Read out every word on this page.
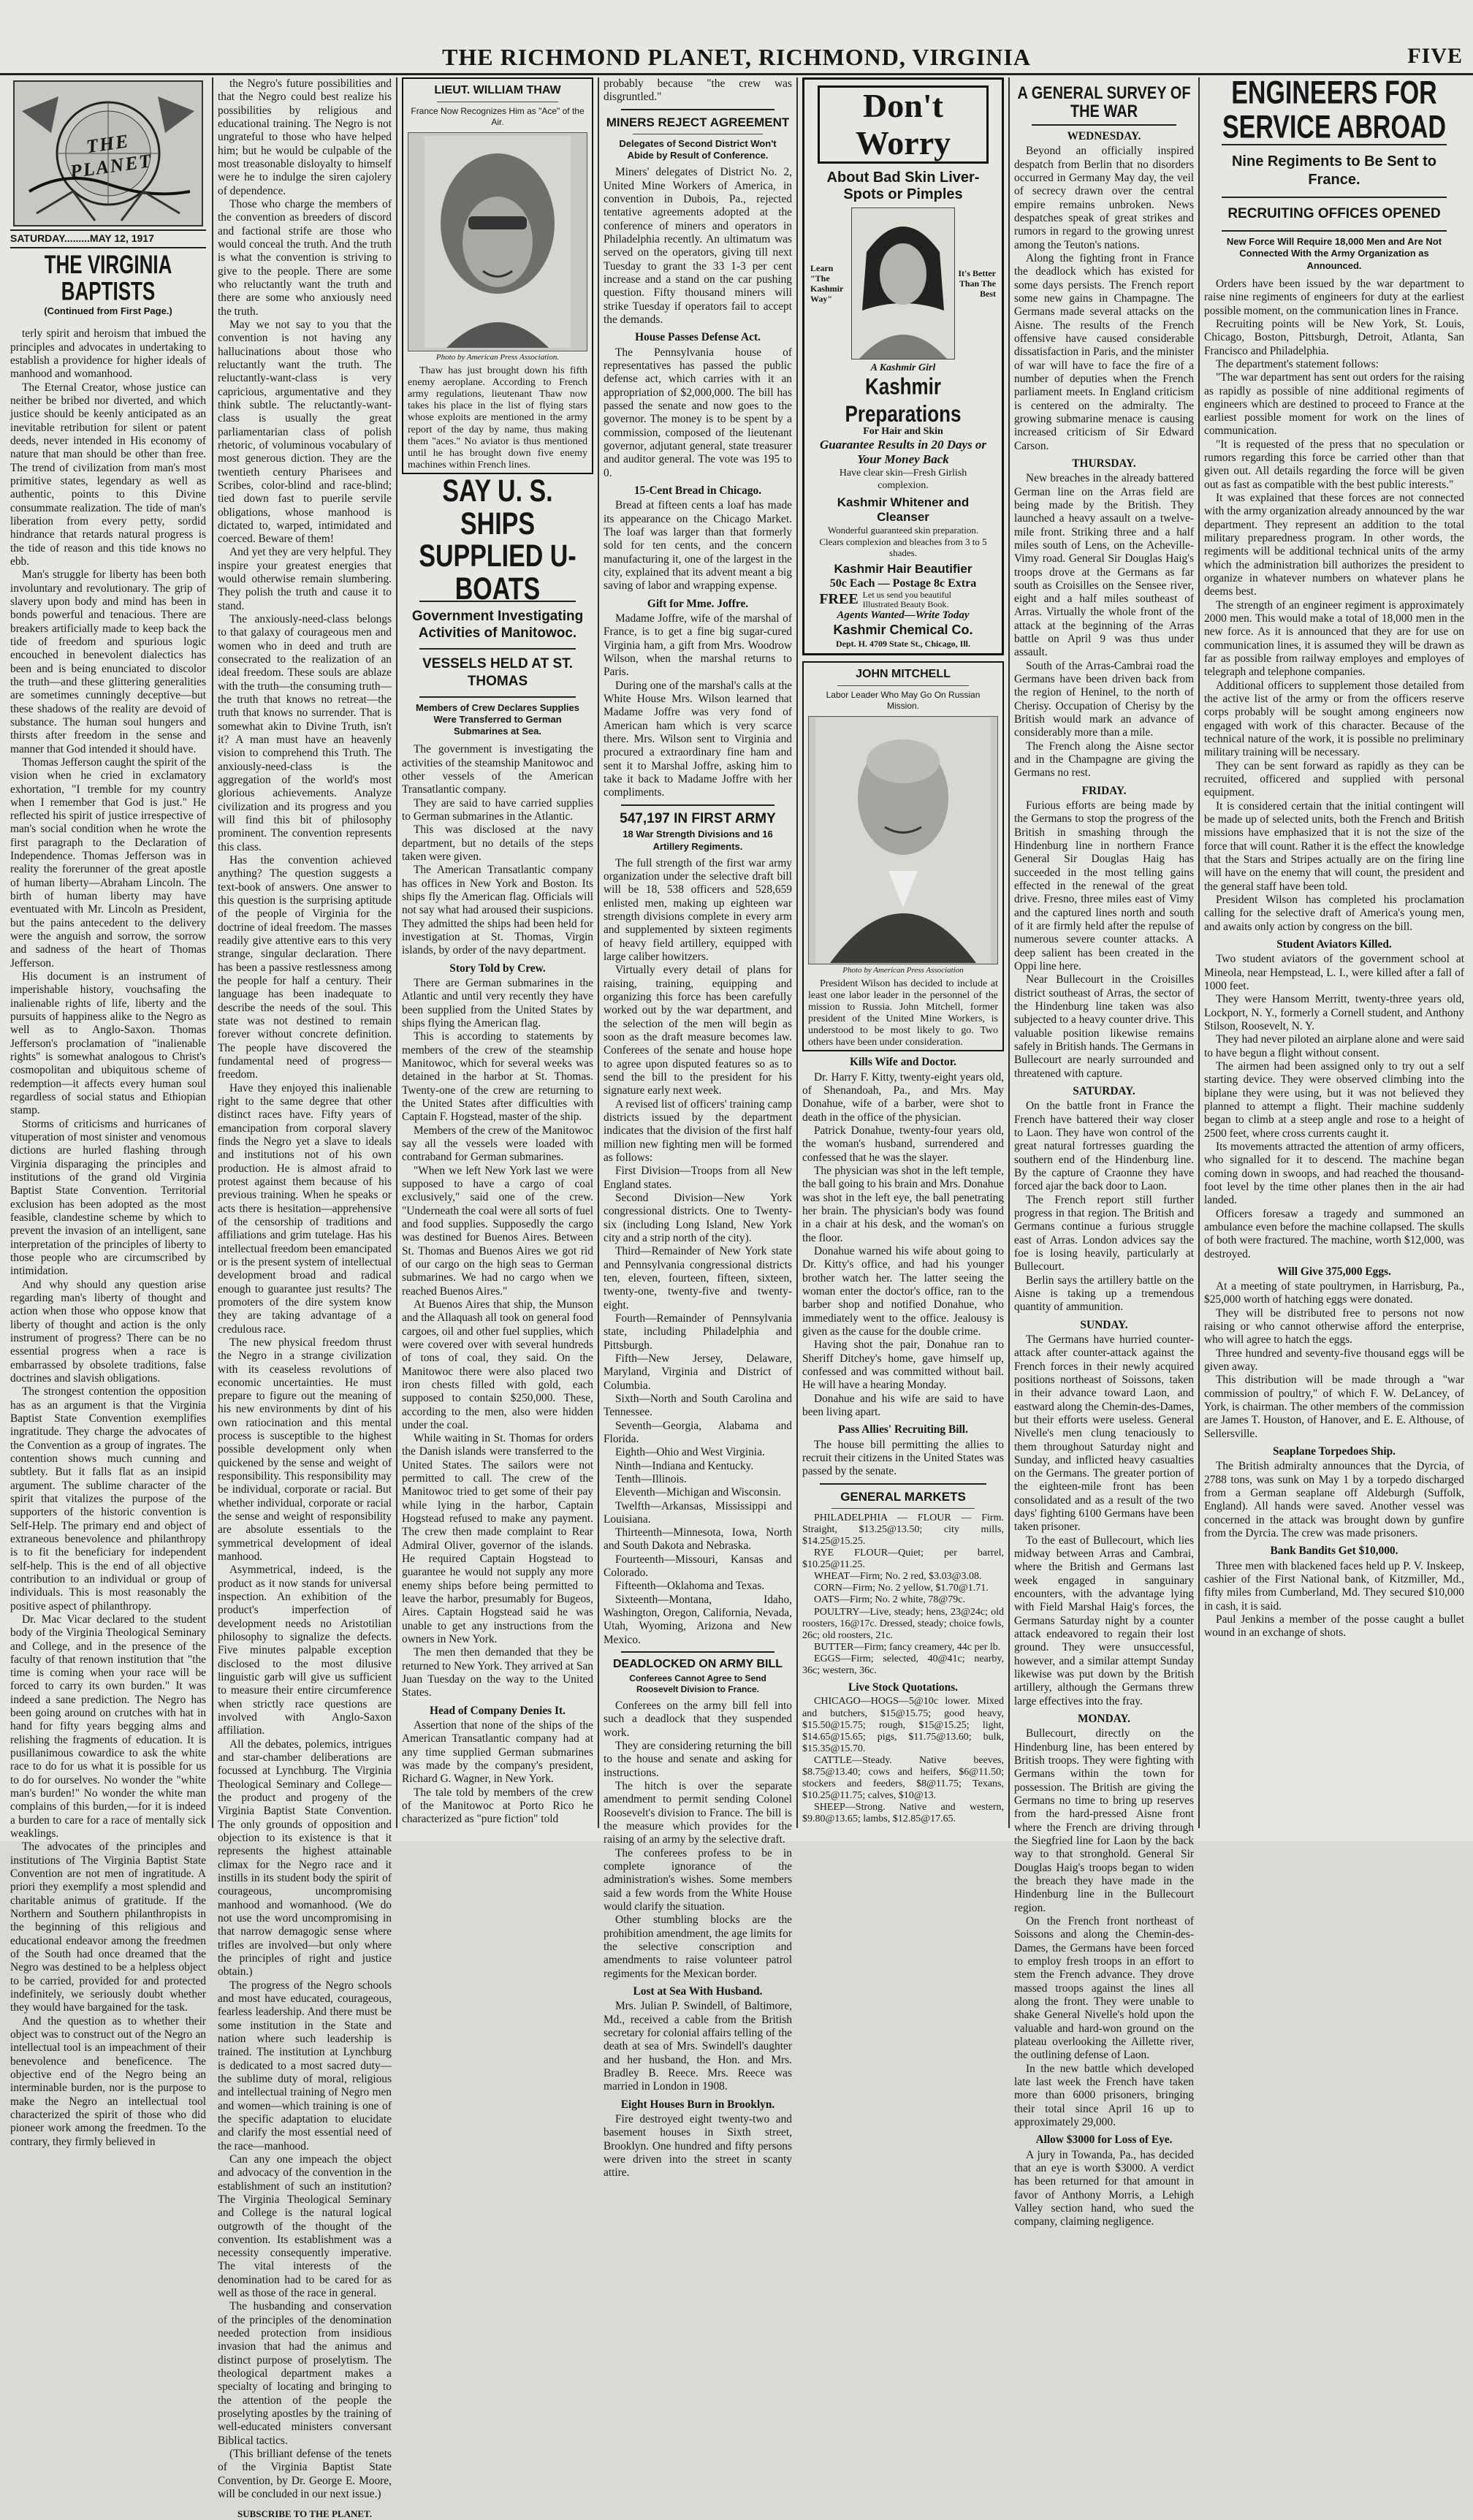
THE RICHMOND PLANET, RICHMOND, VIRGINIA	FIVE
THE PLANET
SATURDAY.........MAY 12, 1917
THE VIRGINIA BAPTISTS
(Continued from First Page.)

terly spirit and heroism that imbued the principles and advocates in undertaking to establish a providence for higher ideals of manhood and womanhood.

The Eternal Creator, whose justice can neither be bribed nor diverted, and which justice should be keenly anticipated as an inevitable retribution for silent or patent deeds, never intended in His economy of nature that man should be other than free. The trend of civilization from man's most primitive states, legendary as well as authentic, points to this Divine consummate realization. The tide of man's liberation from every petty, sordid hindrance that retards natural progress is the tide of reason and this tide knows no ebb.

Man's struggle for liberty has been both involuntary and revolutionary. The grip of slavery upon body and mind has been in bonds powerful and tenacious. There are breakers artificially made to keep back the tide of freedom and spurious logic encouched in benevolent dialectics has been and is being enunciated to discolor the truth—and these glittering generalities are sometimes cunningly deceptive—but these shadows of the reality are devoid of substance. The human soul hungers and thirsts after freedom in the sense and manner that God intended it should have.

Thomas Jefferson caught the spirit of the vision when he cried in exclamatory exhortation, "I tremble for my country when I remember that God is just." He reflected his spirit of justice irrespective of man's social condition when he wrote the first paragraph to the Declaration of Independence. Thomas Jefferson was in reality the forerunner of the great apostle of human liberty—Abraham Lincoln. The birth of human liberty may have eventuated with Mr. Lincoln as President, but the pains antecedent to the delivery were the anguish and sorrow, the sorrow and sadness of the heart of Thomas Jefferson.

His document is an instrument of imperishable history, vouchsafing the inalienable rights of life, liberty and the pursuits of happiness alike to the Negro as well as to Anglo-Saxon. Thomas Jefferson's proclamation of "inalienable rights" is somewhat analogous to Christ's cosmopolitan and ubiquitous scheme of redemption—it affects every human soul regardless of social status and Ethiopian stamp.

Storms of criticisms and hurricanes of vituperation of most sinister and venomous dictions are hurled flashing through Virginia disparaging the principles and institutions of the grand old Virginia Baptist State Convention. Territorial exclusion has been adopted as the most feasible, clandestine scheme by which to prevent the invasion of an intelligent, sane interpretation of the principles of liberty to those people who are circumscribed by intimidation.

And why should any question arise regarding man's liberty of thought and action when those who oppose know that liberty of thought and action is the only instrument of progress? There can be no essential progress when a race is embarrassed by obsolete traditions, false doctrines and slavish obligations.

The strongest contention the opposition has as an argument is that the Virginia Baptist State Convention exemplifies ingratitude. They charge the advocates of the Convention as a group of ingrates. The contention shows much cunning and subtlety. But it falls flat as an insipid argument. The sublime character of the spirit that vitalizes the purpose of the supporters of the historic convention is Self-Help. The primary end and object of extraneous benevolence and philanthropy is to fit the beneficiary for independent self-help. This is the end of all objective contribution to an individual or group of individuals. This is most reasonably the positive aspect of philanthropy.

Dr. Mac Vicar declared to the student body of the Virginia Theological Seminary and College, and in the presence of the faculty of that renown institution that "the time is coming when your race will be forced to carry its own burden." It was indeed a sane prediction. The Negro has been going around on crutches with hat in hand for fifty years begging alms and relishing the fragments of education. It is pusillanimous cowardice to ask the white race to do for us what it is possible for us to do for ourselves. No wonder the "white man's burden!" No wonder the white man complains of this burden,—for it is indeed a burden to care for a race of mentally sick weaklings.

The advocates of the principles and institutions of The Virginia Baptist State Convention are not men of ingratitude. A priori they exemplify a most splendid and charitable animus of gratitude. If the Northern and Southern philanthropists in the beginning of this religious and educational endeavor among the freedmen of the South had once dreamed that the Negro was destined to be a helpless object to be carried, provided for and protected indefinitely, we seriously doubt whether they would have bargained for the task.

And the question as to whether their object was to construct out of the Negro an intellectual tool is an impeachment of their benevolence and beneficence. The objective end of the Negro being an interminable burden, nor is the purpose to make the Negro an intellectual tool characterized the spirit of those who did pioneer work among the freedmen. To the contrary, they firmly believed in

the Negro's future possibilities and that the Negro could best realize his possibilities by religious and educational training. The Negro is not ungrateful to those who have helped him; but he would be culpable of the most treasonable disloyalty to himself were he to indulge the siren cajolery of dependence.

Those who charge the members of the convention as breeders of discord and factional strife are those who would conceal the truth. And the truth is what the convention is striving to give to the people. There are some who reluctantly want the truth and there are some who anxiously need the truth.

May we not say to you that the convention is not having any hallucinations about those who reluctantly want the truth. The reluctantly-want-class is very capricious, argumentative and they think subtle. The reluctantly-want-class is usually the great parliamentarian class of polish rhetoric, of voluminous vocabulary of most generous diction. They are the twentieth century Pharisees and Scribes, color-blind and race-blind; tied down fast to puerile servile obligations, whose manhood is dictated to, warped, intimidated and coerced. Beware of them!

And yet they are very helpful. They inspire your greatest energies that would otherwise remain slumbering. They polish the truth and cause it to stand.

The anxiously-need-class belongs to that galaxy of courageous men and women who in deed and truth are consecrated to the realization of an ideal freedom. These souls are ablaze with the truth—the consuming truth—the truth that knows no retreat—the truth that knows no surrender. That is somewhat akin to Divine Truth, isn't it? A man must have an heavenly vision to comprehend this Truth. The anxiously-need-class is the aggregation of the world's most glorious achievements. Analyze civilization and its progress and you will find this bit of philosophy prominent. The convention represents this class.

Has the convention achieved anything? The question suggests a text-book of answers. One answer to this question is the surprising aptitude of the people of Virginia for the doctrine of ideal freedom. The masses readily give attentive ears to this very strange, singular declaration. There has been a passive restlessness among the people for half a century. Their language has been inadequate to describe the needs of the soul. This state was not destined to remain forever without concrete definition. The people have discovered the fundamental need of progress—freedom.

Have they enjoyed this inalienable right to the same degree that other distinct races have. Fifty years of emancipation from corporal slavery finds the Negro yet a slave to ideals and institutions not of his own production. He is almost afraid to protest against them because of his previous training. When he speaks or acts there is hesitation—apprehensive of the censorship of traditions and affiliations and grim tutelage. Has his intellectual freedom been emancipated or is the present system of intellectual development broad and radical enough to guarantee just results? The promoters of the dire system know they are taking advantage of a credulous race.

The new physical freedom thrust the Negro in a strange civilization with its ceaseless revolutions of economic uncertainties. He must prepare to figure out the meaning of his new environments by dint of his own ratiocination and this mental process is susceptible to the highest possible development only when quickened by the sense and weight of responsibility. This responsibility may be individual, corporate or racial. But whether individual, corporate or racial the sense and weight of responsibility are absolute essentials to the symmetrical development of ideal manhood.

Asymmetrical, indeed, is the product as it now stands for universal inspection. An exhibition of the product's imperfection of development needs no Aristotilian philosophy to signalize the defects. Five minutes palpable exception disclosed to the most dilusive linguistic garb will give us sufficient to measure their entire circumference when strictly race questions are involved with Anglo-Saxon affiliation.

All the debates, polemics, intrigues and star-chamber deliberations are focussed at Lynchburg. The Virginia Theological Seminary and College—the product and progeny of the Virginia Baptist State Convention. The only grounds of opposition and objection to its existence is that it represents the highest attainable climax for the Negro race and it instills in its student body the spirit of courageous, uncompromising manhood and womanhood. (We do not use the word uncompromising in that narrow demagogic sense where trifles are involved—but only where the principles of right and justice obtain.)

The progress of the Negro schools and most have educated, courageous, fearless leadership. And there must be some institution in the State and nation where such leadership is trained. The institution at Lynchburg is dedicated to a most sacred duty—the sublime duty of moral, religious and intellectual training of Negro men and women—which training is one of the specific adaptation to elucidate and clarify the most essential need of the race—manhood.

Can any one impeach the object and advocacy of the convention in the establishment of such an institution? The Virginia Theological Seminary and College is the natural logical outgrowth of the thought of the convention. Its establishment was a necessity consequently imperative. The vital interests of the denomination had to be cared for as well as those of the race in general.

The husbanding and conservation of the principles of the denomination needed protection from insidious invasion that had the animus and distinct purpose of proselytism. The theological department makes a specialty of locating and bringing to the attention of the people the proselyting apostles by the training of well-educated ministers conversant Biblical tactics.

(This brilliant defense of the tenets of the Virginia Baptist State Convention, by Dr. George E. Moore, will be concluded in our next issue.)

SUBSCRIBE TO THE PLANET.
LIEUT. WILLIAM THAW
France Now Recognizes Him as "Ace" of the Air.
Photo by American Press Association.

Thaw has just brought down his fifth enemy aeroplane. According to French army regulations, lieutenant Thaw now takes his place in the list of flying stars whose exploits are mentioned in the army report of the day by name, thus making them "aces." No aviator is thus mentioned until he has brought down five enemy machines within French lines.

SAY U. S. SHIPS SUPPLIED U-BOATS
Government Investigating Activities of Manitowoc.
VESSELS HELD AT ST. THOMAS
Members of Crew Declares Supplies Were Transferred to German Submarines at Sea.

The government is investigating the activities of the steamship Manitowoc and other vessels of the American Transatlantic company.

They are said to have carried supplies to German submarines in the Atlantic.

This was disclosed at the navy department, but no details of the steps taken were given.

The American Transatlantic company has offices in New York and Boston. Its ships fly the American flag. Officials will not say what had aroused their suspicions. They admitted the ships had been held for investigation at St. Thomas, Virgin islands, by order of the navy department.

Story Told by Crew.

There are German submarines in the Atlantic and until very recently they have been supplied from the United States by ships flying the American flag.

This is according to statements by members of the crew of the steamship Manitowoc, which for several weeks was detained in the harbor at St. Thomas. Twenty-one of the crew are returning to the United States after difficulties with Captain F. Hogstead, master of the ship.

Members of the crew of the Manitowoc say all the vessels were loaded with contraband for German submarines.

"When we left New York last we were supposed to have a cargo of coal exclusively," said one of the crew. "Underneath the coal were all sorts of fuel and food supplies. Supposedly the cargo was destined for Buenos Aires. Between St. Thomas and Buenos Aires we got rid of our cargo on the high seas to German submarines. We had no cargo when we reached Buenos Aires."

At Buenos Aires that ship, the Munson and the Allaquash all took on general food cargoes, oil and other fuel supplies, which were covered over with several hundreds of tons of coal, they said. On the Manitowoc there were also placed two iron chests filled with gold, each supposed to contain $250,000. These, according to the men, also were hidden under the coal.

While waiting in St. Thomas for orders the Danish islands were transferred to the United States. The sailors were not permitted to call. The crew of the Manitowoc tried to get some of their pay while lying in the harbor, Captain Hogstead refused to make any payment. The crew then made complaint to Rear Admiral Oliver, governor of the islands. He required Captain Hogstead to guarantee he would not supply any more enemy ships before being permitted to leave the harbor, presumably for Bugeos, Aires. Captain Hogstead said he was unable to get any instructions from the owners in New York.

The men then demanded that they be returned to New York. They arrived at San Juan Tuesday on the way to the United States.

Head of Company Denies It.

Assertion that none of the ships of the American Transatlantic company had at any time supplied German submarines was made by the company's president, Richard G. Wagner, in New York.

The tale told by members of the crew of the Manitowoc at Porto Rico he characterized as "pure fiction" told

probably because "the crew was disgruntled."

MINERS REJECT AGREEMENT
Delegates of Second District Won't Abide by Result of Conference.

Miners' delegates of District No. 2, United Mine Workers of America, in convention in Dubois, Pa., rejected tentative agreements adopted at the conference of miners and operators in Philadelphia recently. An ultimatum was served on the operators, giving till next Tuesday to grant the 33 1-3 per cent increase and a stand on the car pushing question. Fifty thousand miners will strike Tuesday if operators fail to accept the demands.

House Passes Defense Act.

The Pennsylvania house of representatives has passed the public defense act, which carries with it an appropriation of $2,000,000. The bill has passed the senate and now goes to the governor. The money is to be spent by a commission, composed of the lieutenant governor, adjutant general, state treasurer and auditor general. The vote was 195 to 0.

15-Cent Bread in Chicago.

Bread at fifteen cents a loaf has made its appearance on the Chicago Market. The loaf was larger than that formerly sold for ten cents, and the concern manufacturing it, one of the largest in the city, explained that its advent meant a big saving of labor and wrapping expense.

Gift for Mme. Joffre.

Madame Joffre, wife of the marshal of France, is to get a fine big sugar-cured Virginia ham, a gift from Mrs. Woodrow Wilson, when the marshal returns to Paris.

During one of the marshal's calls at the White House Mrs. Wilson learned that Madame Joffre was very fond of American ham which is very scarce there. Mrs. Wilson sent to Virginia and procured a extraordinary fine ham and sent it to Marshal Joffre, asking him to take it back to Madame Joffre with her compliments.

547,197 IN FIRST ARMY
18 War Strength Divisions and 16 Artillery Regiments.

The full strength of the first war army organization under the selective draft bill will be 18, 538 officers and 528,659 enlisted men, making up eighteen war strength divisions complete in every arm and supplemented by sixteen regiments of heavy field artillery, equipped with large caliber howitzers.

Virtually every detail of plans for raising, training, equipping and organizing this force has been carefully worked out by the war department, and the selection of the men will begin as soon as the draft measure becomes law. Conferees of the senate and house hope to agree upon disputed features so as to send the bill to the president for his signature early next week.

A revised list of officers' training camp districts issued by the department indicates that the division of the first half million new fighting men will be formed as follows:

First Division—Troops from all New England states.

Second Division—New York congressional districts. One to Twenty-six (including Long Island, New York city and a strip north of the city).

Third—Remainder of New York state and Pennsylvania congressional districts ten, eleven, fourteen, fifteen, sixteen, twenty-one, twenty-five and twenty-eight.

Fourth—Remainder of Pennsylvania state, including Philadelphia and Pittsburgh.

Fifth—New Jersey, Delaware, Maryland, Virginia and District of Columbia.

Sixth—North and South Carolina and Tennessee.

Seventh—Georgia, Alabama and Florida.

Eighth—Ohio and West Virginia.

Ninth—Indiana and Kentucky.

Tenth—Illinois.

Eleventh—Michigan and Wisconsin.

Twelfth—Arkansas, Mississippi and Louisiana.

Thirteenth—Minnesota, Iowa, North and South Dakota and Nebraska.

Fourteenth—Missouri, Kansas and Colorado.

Fifteenth—Oklahoma and Texas.

Sixteenth—Montana, Idaho, Washington, Oregon, California, Nevada, Utah, Wyoming, Arizona and New Mexico.

DEADLOCKED ON ARMY BILL
Conferees Cannot Agree to Send Roosevelt Division to France.

Conferees on the army bill fell into such a deadlock that they suspended work.

They are considering returning the bill to the house and senate and asking for instructions.

The hitch is over the separate amendment to permit sending Colonel Roosevelt's division to France. The bill is the measure which provides for the raising of an army by the selective draft.

The conferees profess to be in complete ignorance of the administration's wishes. Some members said a few words from the White House would clarify the situation.

Other stumbling blocks are the prohibition amendment, the age limits for the selective conscription and amendments to raise volunteer patrol regiments for the Mexican border.

Lost at Sea With Husband.

Mrs. Julian P. Swindell, of Baltimore, Md., received a cable from the British secretary for colonial affairs telling of the death at sea of Mrs. Swindell's daughter and her husband, the Hon. and Mrs. Bradley B. Reece. Mrs. Reece was married in London in 1908.

Eight Houses Burn in Brooklyn.

Fire destroyed eight twenty-two and basement houses in Sixth street, Brooklyn. One hundred and fifty persons were driven into the street in scanty attire.

Don't Worry
About Bad Skin Liver-Spots or Pimples
Learn "The Kashmir Way"
It's Better Than The Best
A Kashmir Girl
Kashmir Preparations
For Hair and Skin
Guarantee Results in 20 Days or Your Money Back
Have clear skin—Fresh Girlish complexion.
Kashmir Whitener and Cleanser
Wonderful guaranteed skin preparation. Clears complexion and bleaches from 3 to 5 shades.
Kashmir Hair Beautifier
50c Each — Postage 8c Extra
FREE Let us send you beautiful Illustrated Beauty Book.
Agents Wanted—Write Today
Kashmir Chemical Co.
Dept. H. 4709 State St., Chicago, Ill.
JOHN MITCHELL
Labor Leader Who May Go On Russian Mission.
Photo by American Press Association

President Wilson has decided to include at least one labor leader in the personnel of the mission to Russia. John Mitchell, former president of the United Mine Workers, is understood to be most likely to go. Two others have been under consideration.

Kills Wife and Doctor.

Dr. Harry F. Kitty, twenty-eight years old, of Shenandoah, Pa., and Mrs. May Donahue, wife of a barber, were shot to death in the office of the physician.

Patrick Donahue, twenty-four years old, the woman's husband, surrendered and confessed that he was the slayer.

The physician was shot in the left temple, the ball going to his brain and Mrs. Donahue was shot in the left eye, the ball penetrating her brain. The physician's body was found in a chair at his desk, and the woman's on the floor.

Donahue warned his wife about going to Dr. Kitty's office, and had his younger brother watch her. The latter seeing the woman enter the doctor's office, ran to the barber shop and notified Donahue, who immediately went to the office. Jealousy is given as the cause for the double crime.

Having shot the pair, Donahue ran to Sheriff Ditchey's home, gave himself up, confessed and was committed without bail. He will have a hearing Monday.

Donahue and his wife are said to have been living apart.

Pass Allies' Recruiting Bill.

The house bill permitting the allies to recruit their citizens in the United States was passed by the senate.

GENERAL MARKETS

PHILADELPHIA — FLOUR — Firm. Straight, $13.25@13.50; city mills, $14.25@15.25.

RYE FLOUR—Quiet; per barrel, $10.25@11.25.

WHEAT—Firm; No. 2 red, $3.03@3.08.

CORN—Firm; No. 2 yellow, $1.70@1.71.

OATS—Firm; No. 2 white, 78@79c.

POULTRY—Live, steady; hens, 23@24c; old roosters, 16@17c. Dressed, steady; choice fowls, 26c; old roosters, 21c.

BUTTER—Firm; fancy creamery, 44c per lb.

EGGS—Firm; selected, 40@41c; nearby, 36c; western, 36c.

Live Stock Quotations.

CHICAGO—HOGS—5@10c lower. Mixed and butchers, $15@15.75; good heavy, $15.50@15.75; rough, $15@15.25; light, $14.65@15.65; pigs, $11.75@13.60; bulk, $15.35@15.70.

CATTLE—Steady. Native beeves, $8.75@13.40; cows and heifers, $6@11.50; stockers and feeders, $8@11.75; Texans, $10.25@11.75; calves, $10@13.

SHEEP—Strong. Native and western, $9.80@13.65; lambs, $12.85@17.65.

A GENERAL SURVEY OF THE WAR
WEDNESDAY.

Beyond an officially inspired despatch from Berlin that no disorders occurred in Germany May day, the veil of secrecy drawn over the central empire remains unbroken. News despatches speak of great strikes and rumors in regard to the growing unrest among the Teuton's nations.

Along the fighting front in France the deadlock which has existed for some days persists. The French report some new gains in Champagne. The Germans made several attacks on the Aisne. The results of the French offensive have caused considerable dissatisfaction in Paris, and the minister of war will have to face the fire of a number of deputies when the French parliament meets. In England criticism is centered on the admiralty. The growing submarine menace is causing increased criticism of Sir Edward Carson.

THURSDAY.

New breaches in the already battered German line on the Arras field are being made by the British. They launched a heavy assault on a twelve-mile front. Striking three and a half miles south of Lens, on the Acheville-Vimy road. General Sir Douglas Haig's troops drove at the Germans as far south as Croisilles on the Sensee river, eight and a half miles southeast of Arras. Virtually the whole front of the attack at the beginning of the Arras battle on April 9 was thus under assault.

South of the Arras-Cambrai road the Germans have been driven back from the region of Heninel, to the north of Cherisy. Occupation of Cherisy by the British would mark an advance of considerably more than a mile.

The French along the Aisne sector and in the Champagne are giving the Germans no rest.

FRIDAY.

Furious efforts are being made by the Germans to stop the progress of the British in smashing through the Hindenburg line in northern France General Sir Douglas Haig has succeeded in the most telling gains effected in the renewal of the great drive. Fresno, three miles east of Vimy and the captured lines north and south of it are firmly held after the repulse of numerous severe counter attacks. A deep salient has been created in the Oppi line here.

Near Bullecourt in the Croisilles district southeast of Arras, the sector of the Hindenburg line taken was also subjected to a heavy counter drive. This valuable position likewise remains safely in British hands. The Germans in Bullecourt are nearly surrounded and threatened with capture.

SATURDAY.

On the battle front in France the French have battered their way closer to Laon. They have won control of the great natural fortresses guarding the southern end of the Hindenburg line. By the capture of Craonne they have forced ajar the back door to Laon.

The French report still further progress in that region. The British and Germans continue a furious struggle east of Arras. London advices say the foe is losing heavily, particularly at Bullecourt.

Berlin says the artillery battle on the Aisne is taking up a tremendous quantity of ammunition.

SUNDAY.

The Germans have hurried counter-attack after counter-attack against the French forces in their newly acquired positions northeast of Soissons, taken in their advance toward Laon, and eastward along the Chemin-des-Dames, but their efforts were useless. General Nivelle's men clung tenaciously to them throughout Saturday night and Sunday, and inflicted heavy casualties on the Germans. The greater portion of the eighteen-mile front has been consolidated and as a result of the two days' fighting 6100 Germans have been taken prisoner.

To the east of Bullecourt, which lies midway between Arras and Cambrai, where the British and Germans last week engaged in sanguinary encounters, with the advantage lying with Field Marshal Haig's forces, the Germans Saturday night by a counter attack endeavored to regain their lost ground. They were unsuccessful, however, and a similar attempt Sunday likewise was put down by the British artillery, although the Germans threw large effectives into the fray.

MONDAY.

Bullecourt, directly on the Hindenburg line, has been entered by British troops. They were fighting with Germans within the town for possession. The British are giving the Germans no time to bring up reserves from the hard-pressed Aisne front where the French are driving through the Siegfried line for Laon by the back way to that stronghold. General Sir Douglas Haig's troops began to widen the breach they have made in the Hindenburg line in the Bullecourt region.

On the French front northeast of Soissons and along the Chemin-des-Dames, the Germans have been forced to employ fresh troops in an effort to stem the French advance. They drove massed troops against the lines all along the front. They were unable to shake General Nivelle's hold upon the valuable and hard-won ground on the plateau overlooking the Aillette river, the outlining defense of Laon.

In the new battle which developed late last week the French have taken more than 6000 prisoners, bringing their total since April 16 up to approximately 29,000.

Allow $3000 for Loss of Eye.

A jury in Towanda, Pa., has decided that an eye is worth $3000. A verdict has been returned for that amount in favor of Anthony Morris, a Lehigh Valley section hand, who sued the company, claiming negligence.

ENGINEERS FOR SERVICE ABROAD
Nine Regiments to Be Sent to France.
RECRUITING OFFICES OPENED
New Force Will Require 18,000 Men and Are Not Connected With the Army Organization as Announced.

Orders have been issued by the war department to raise nine regiments of engineers for duty at the earliest possible moment, on the communication lines in France.

Recruiting points will be New York, St. Louis, Chicago, Boston, Pittsburgh, Detroit, Atlanta, San Francisco and Philadelphia.

The department's statement follows:

"The war department has sent out orders for the raising as rapidly as possible of nine additional regiments of engineers which are destined to proceed to France at the earliest possible moment for work on the lines of communication.

"It is requested of the press that no speculation or rumors regarding this force be carried other than that given out. All details regarding the force will be given out as fast as compatible with the best public interests."

It was explained that these forces are not connected with the army organization already announced by the war department. They represent an addition to the total military preparedness program. In other words, the regiments will be additional technical units of the army which the administration bill authorizes the president to organize in whatever numbers on whatever plans he deems best.

The strength of an engineer regiment is approximately 2000 men. This would make a total of 18,000 men in the new force. As it is announced that they are for use on communication lines, it is assumed they will be drawn as far as possible from railway employes and employes of telegraph and telephone companies.

Additional officers to supplement those detailed from the active list of the army or from the officers reserve corps probably will be sought among engineers now engaged with work of this character. Because of the technical nature of the work, it is possible no preliminary military training will be necessary.

They can be sent forward as rapidly as they can be recruited, officered and supplied with personal equipment.

It is considered certain that the initial contingent will be made up of selected units, both the French and British missions have emphasized that it is not the size of the force that will count. Rather it is the effect the knowledge that the Stars and Stripes actually are on the firing line will have on the enemy that will count, the president and the general staff have been told.

President Wilson has completed his proclamation calling for the selective draft of America's young men, and awaits only action by congress on the bill.

Student Aviators Killed.

Two student aviators of the government school at Mineola, near Hempstead, L. I., were killed after a fall of 1000 feet.

They were Hansom Merritt, twenty-three years old, Lockport, N. Y., formerly a Cornell student, and Anthony Stilson, Roosevelt, N. Y.

They had never piloted an airplane alone and were said to have begun a flight without consent.

The airmen had been assigned only to try out a self starting device. They were observed climbing into the biplane they were using, but it was not believed they planned to attempt a flight. Their machine suddenly began to climb at a steep angle and rose to a height of 2500 feet, where cross currents caught it.

Its movements attracted the attention of army officers, who signalled for it to descend. The machine began coming down in swoops, and had reached the thousand-foot level by the time other planes then in the air had landed.

Officers foresaw a tragedy and summoned an ambulance even before the machine collapsed. The skulls of both were fractured. The machine, worth $12,000, was destroyed.

Will Give 375,000 Eggs.

At a meeting of state poultrymen, in Harrisburg, Pa., $25,000 worth of hatching eggs were donated.

They will be distributed free to persons not now raising or who cannot otherwise afford the enterprise, who will agree to hatch the eggs.

Three hundred and seventy-five thousand eggs will be given away.

This distribution will be made through a "war commission of poultry," of which F. W. DeLancey, of York, is chairman. The other members of the commission are James T. Houston, of Hanover, and E. E. Althouse, of Sellersville.

Seaplane Torpedoes Ship.

The British admiralty announces that the Dyrcia, of 2788 tons, was sunk on May 1 by a torpedo discharged from a German seaplane off Aldeburgh (Suffolk, England). All hands were saved. Another vessel was concerned in the attack was brought down by gunfire from the Dyrcia. The crew was made prisoners.

Bank Bandits Get $10,000.

Three men with blackened faces held up P. V. Inskeep, cashier of the First National bank, of Kitzmiller, Md., fifty miles from Cumberland, Md. They secured $10,000 in cash, it is said.

Paul Jenkins a member of the posse caught a bullet wound in an exchange of shots.
